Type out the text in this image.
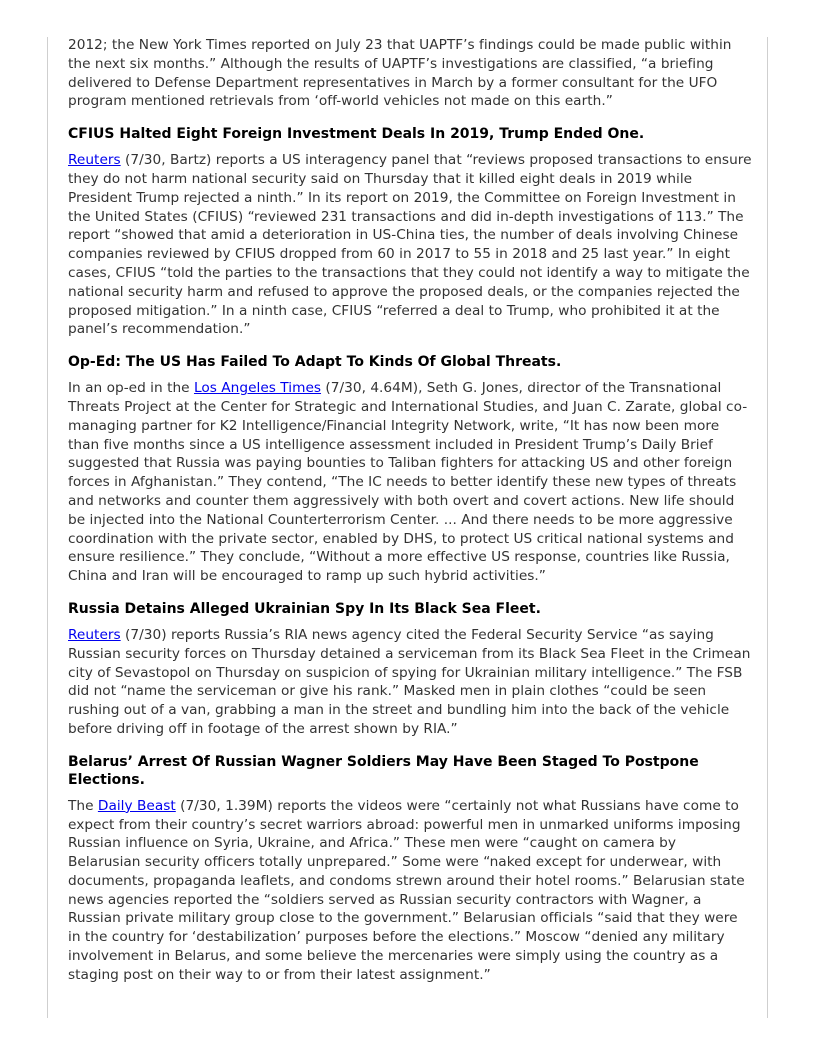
2012; the New York Times reported on July 23 that UAPTF’s findings could be made public within the next six months.” Although the results of UAPTF’s investigations are classified, “a briefing delivered to Defense Department representatives in March by a former consultant for the UFO program mentioned retrievals from ‘off-world vehicles not made on this earth.”

CFIUS Halted Eight Foreign Investment Deals In 2019, Trump Ended One.

Reuters (7/30, Bartz) reports a US interagency panel that “reviews proposed transactions to ensure they do not harm national security said on Thursday that it killed eight deals in 2019 while President Trump rejected a ninth.” In its report on 2019, the Committee on Foreign Investment in the United States (CFIUS) “reviewed 231 transactions and did in-depth investigations of 113.” The report “showed that amid a deterioration in US-China ties, the number of deals involving Chinese companies reviewed by CFIUS dropped from 60 in 2017 to 55 in 2018 and 25 last year.” In eight cases, CFIUS “told the parties to the transactions that they could not identify a way to mitigate the national security harm and refused to approve the proposed deals, or the companies rejected the proposed mitigation.” In a ninth case, CFIUS “referred a deal to Trump, who prohibited it at the panel’s recommendation.”

Op-Ed: The US Has Failed To Adapt To Kinds Of Global Threats.

In an op-ed in the Los Angeles Times (7/30, 4.64M), Seth G. Jones, director of the Transnational Threats Project at the Center for Strategic and International Studies, and Juan C. Zarate, global co-managing partner for K2 Intelligence/Financial Integrity Network, write, “It has now been more than five months since a US intelligence assessment included in President Trump’s Daily Brief suggested that Russia was paying bounties to Taliban fighters for attacking US and other foreign forces in Afghanistan.” They contend, “The IC needs to better identify these new types of threats and networks and counter them aggressively with both overt and covert actions. New life should be injected into the National Counterterrorism Center. ... And there needs to be more aggressive coordination with the private sector, enabled by DHS, to protect US critical national systems and ensure resilience.” They conclude, “Without a more effective US response, countries like Russia, China and Iran will be encouraged to ramp up such hybrid activities.”

Russia Detains Alleged Ukrainian Spy In Its Black Sea Fleet.

Reuters (7/30) reports Russia’s RIA news agency cited the Federal Security Service “as saying Russian security forces on Thursday detained a serviceman from its Black Sea Fleet in the Crimean city of Sevastopol on Thursday on suspicion of spying for Ukrainian military intelligence.” The FSB did not “name the serviceman or give his rank.” Masked men in plain clothes “could be seen rushing out of a van, grabbing a man in the street and bundling him into the back of the vehicle before driving off in footage of the arrest shown by RIA.”

Belarus’ Arrest Of Russian Wagner Soldiers May Have Been Staged To Postpone Elections.

The Daily Beast (7/30, 1.39M) reports the videos were “certainly not what Russians have come to expect from their country’s secret warriors abroad: powerful men in unmarked uniforms imposing Russian influence on Syria, Ukraine, and Africa.” These men were “caught on camera by Belarusian security officers totally unprepared.” Some were “naked except for underwear, with documents, propaganda leaflets, and condoms strewn around their hotel rooms.” Belarusian state news agencies reported the “soldiers served as Russian security contractors with Wagner, a Russian private military group close to the government.” Belarusian officials “said that they were in the country for ‘destabilization’ purposes before the elections.” Moscow “denied any military involvement in Belarus, and some believe the mercenaries were simply using the country as a staging post on their way to or from their latest assignment.”
